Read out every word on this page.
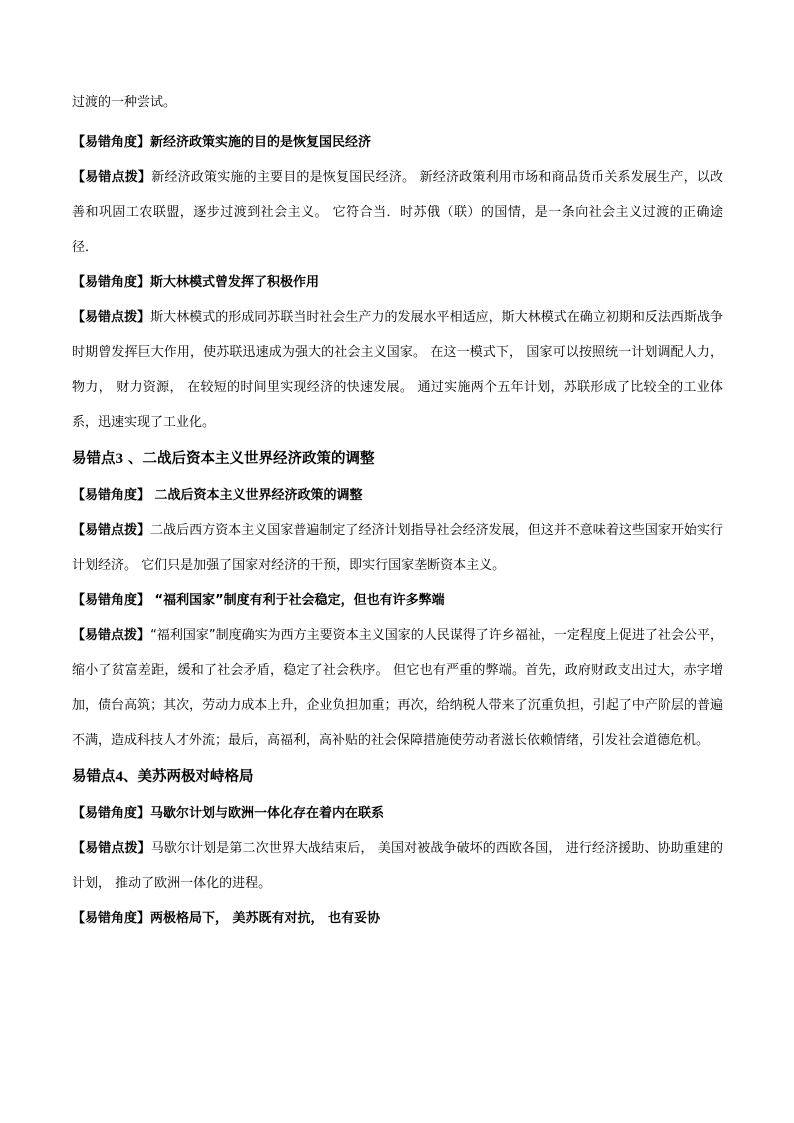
过渡的一种尝试。

【易错角度】新经济政策实施的目的是恢复国民经济

【易错点拨】新经济政策实施的主要目的是恢复国民经济。 新经济政策利用市场和商品货币关系发展生产，以改善和巩固工农联盟，逐步过渡到社会主义。 它符合当．时苏俄（联）的国情，是一条向社会主义过渡的正确途径．

【易错角度】斯大林模式曾发挥了积极作用

【易错点拨】斯大林模式的形成同苏联当时社会生产力的发展水平相适应，斯大林模式在确立初期和反法西斯战争时期曾发挥巨大作用，使苏联迅速成为强大的社会主义国家。 在这一模式下， 国家可以按照统一计划调配人力， 物力， 财力资源， 在较短的时间里实现经济的快速发展。 通过实施两个五年计划，苏联形成了比较全的工业体系，迅速实现了工业化。

易错点3 、二战后资本主义世界经济政策的调整

【易错角度】 二战后资本主义世界经济政策的调整

【易错点拨】二战后西方资本主义国家普遍制定了经济计划指导社会经济发展，但这并不意味着这些国家开始实行计划经济。 它们只是加强了国家对经济的干预，即实行国家垄断资本主义。

【易错角度】 “福利国家”制度有利于社会稳定，但也有许多弊端

【易错点拨】“福利国家”制度确实为西方主要资本主义国家的人民谋得了许乡福祉，一定程度上促进了社会公平，缩小了贫富差距，缓和了社会矛盾，稳定了社会秩序。 但它也有严重的弊端。首先，政府财政支出过大，赤字增加，债台高筑；其次，劳动力成本上升，企业负担加重；再次，给纳税人带来了沉重负担，引起了中产阶层的普遍不满，造成科技人才外流；最后，高福利，高补贴的社会保障措施使劳动者滋长依赖情绪，引发社会道德危机。

易错点4、美苏两极对峙格局

【易错角度】马歇尔计划与欧洲一体化存在着内在联系

【易错点拨】马歇尔计划是第二次世界大战结束后， 美国对被战争破坏的西欧各国， 进行经济援助、协助重建的计划， 推动了欧洲一体化的进程。

【易错角度】两极格局下， 美苏既有对抗， 也有妥协
